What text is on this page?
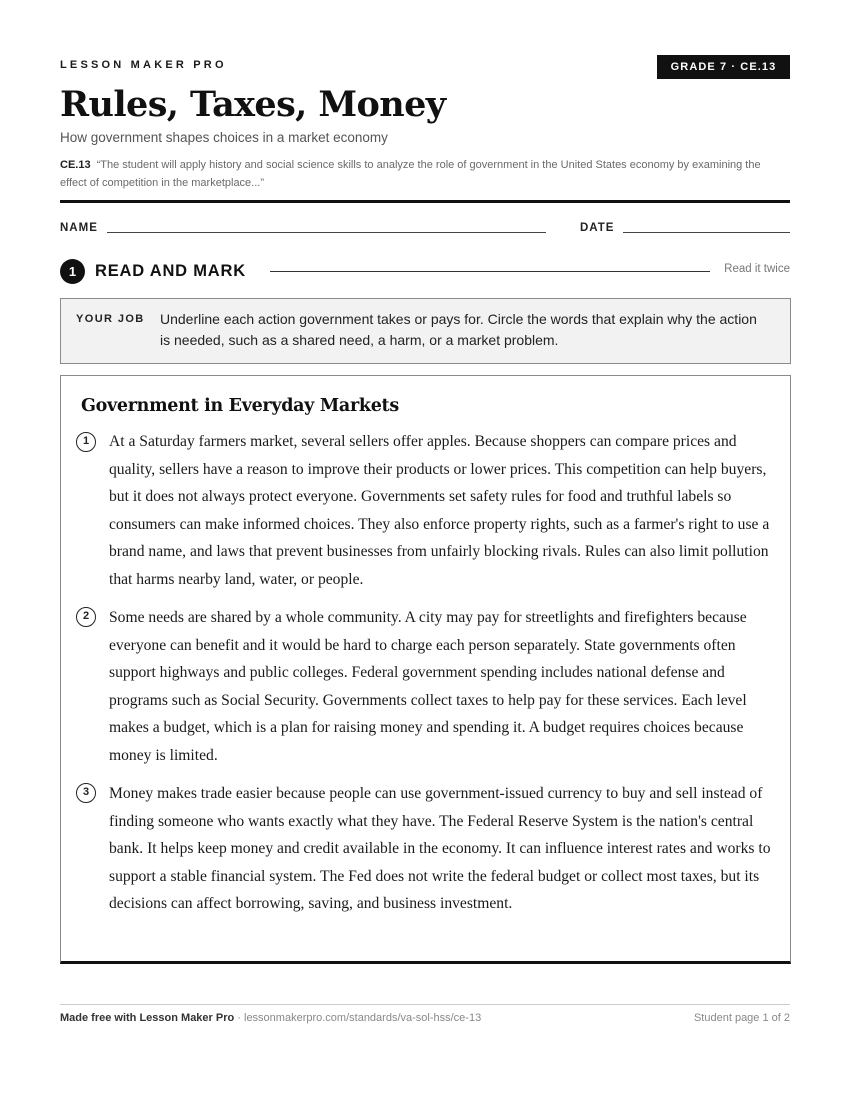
LESSON MAKER PRO	GRADE 7 · CE.13
Rules, Taxes, Money
How government shapes choices in a market economy
CE.13 “The student will apply history and social science skills to analyze the role of government in the United States economy by examining the effect of competition in the marketplace...”
NAME	DATE
1	READ AND MARK	Read it twice
YOUR JOB Underline each action government takes or pays for. Circle the words that explain why the action is needed, such as a shared need, a harm, or a market problem.
Government in Everyday Markets
1	At a Saturday farmers market, several sellers offer apples. Because shoppers can compare prices and quality, sellers have a reason to improve their products or lower prices. This competition can help buyers, but it does not always protect everyone. Governments set safety rules for food and truthful labels so consumers can make informed choices. They also enforce property rights, such as a farmer's right to use a brand name, and laws that prevent businesses from unfairly blocking rivals. Rules can also limit pollution that harms nearby land, water, or people.

2	Some needs are shared by a whole community. A city may pay for streetlights and firefighters because everyone can benefit and it would be hard to charge each person separately. State governments often support highways and public colleges. Federal government spending includes national defense and programs such as Social Security. Governments collect taxes to help pay for these services. Each level makes a budget, which is a plan for raising money and spending it. A budget requires choices because money is limited.

3	Money makes trade easier because people can use government-issued currency to buy and sell instead of finding someone who wants exactly what they have. The Federal Reserve System is the nation's central bank. It helps keep money and credit available in the economy. It can influence interest rates and works to support a stable financial system. The Fed does not write the federal budget or collect most taxes, but its decisions can affect borrowing, saving, and business investment.

Made free with Lesson Maker Pro · lessonmakerpro.com/standards/va-sol-hss/ce-13	Student page 1 of 2
